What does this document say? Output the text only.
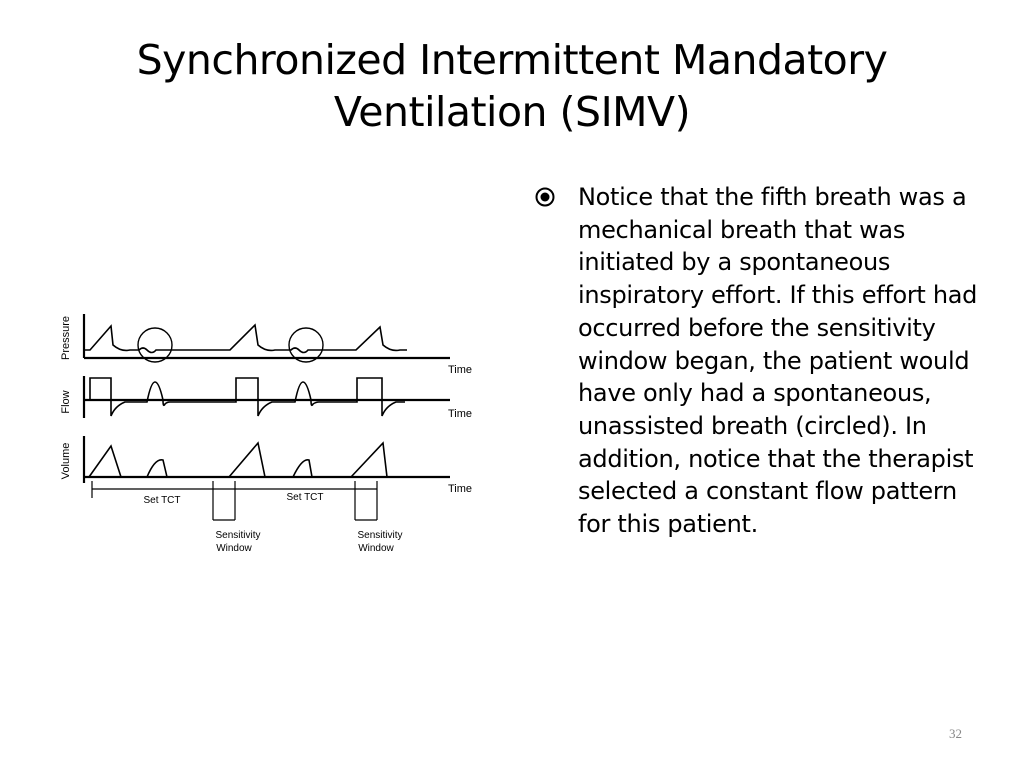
Synchronized Intermittent Mandatory
Ventilation (SIMV)

Notice that the fifth breath was a mechanical breath that was initiated by a spontaneous inspiratory effort. If this effort had occurred before the sensitivity window began, the patient would have only had a spontaneous, unassisted breath (circled). In addition, notice that the therapist selected a constant flow pattern for this patient.

Pressure
Flow
Volume
Time
Time
Time
Set TCT	Set TCT
Sensitivity
Window
Sensitivity
Window
32
